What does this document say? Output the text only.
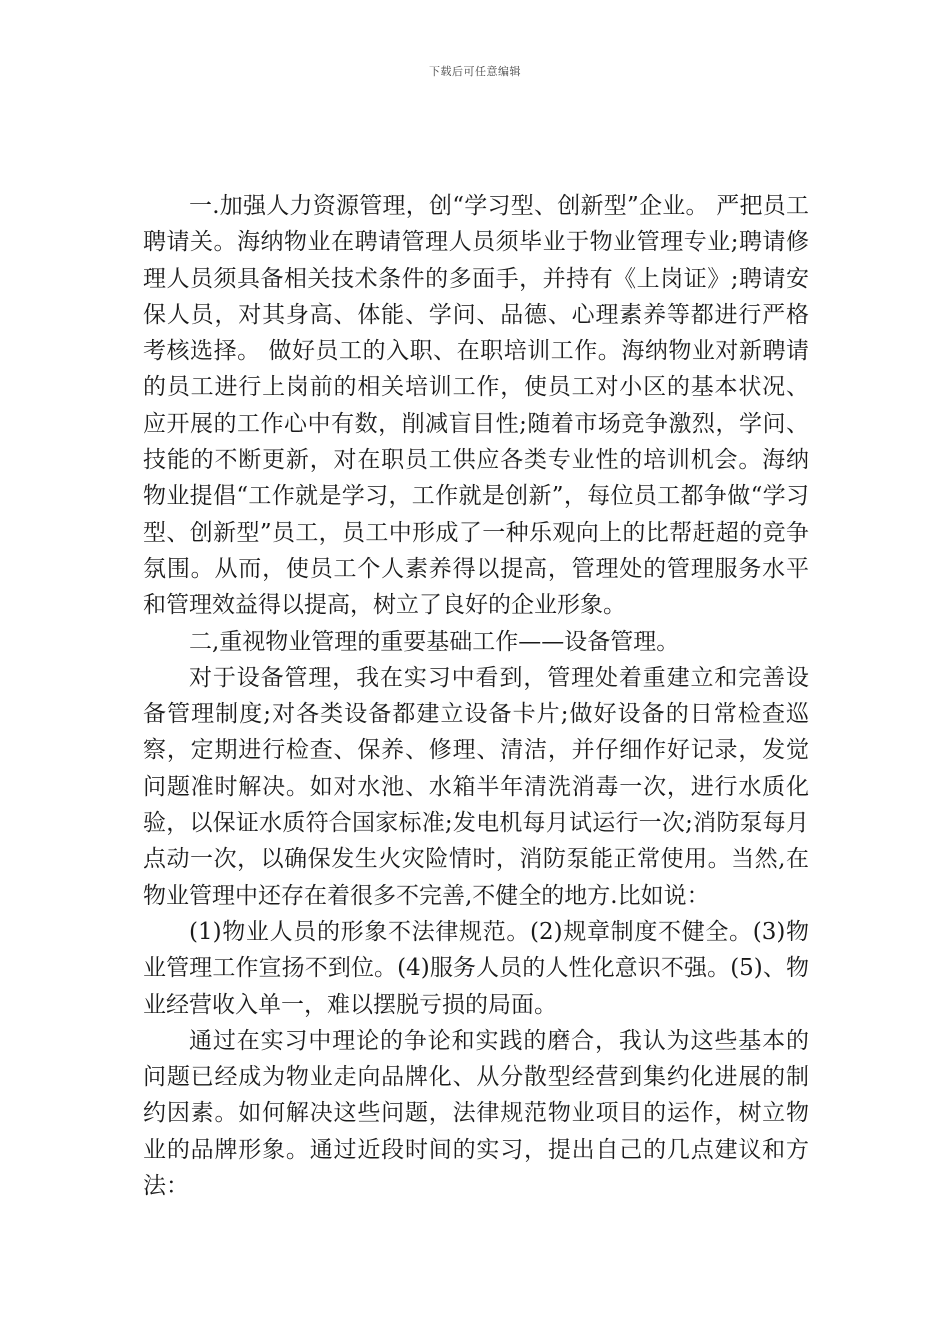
下载后可任意编辑

一.加强人力资源管理，创“学习型、创新型”企业。 严把员工聘请关。海纳物业在聘请管理人员须毕业于物业管理专业;聘请修理人员须具备相关技术条件的多面手，并持有《上岗证》;聘请安保人员，对其身高、体能、学问、品德、心理素养等都进行严格考核选择。 做好员工的入职、在职培训工作。海纳物业对新聘请的员工进行上岗前的相关培训工作，使员工对小区的基本状况、应开展的工作心中有数，削减盲目性;随着市场竞争激烈，学问、技能的不断更新，对在职员工供应各类专业性的培训机会。海纳物业提倡“工作就是学习，工作就是创新”，每位员工都争做“学习型、创新型”员工，员工中形成了一种乐观向上的比帮赶超的竞争氛围。从而，使员工个人素养得以提高，管理处的管理服务水平和管理效益得以提高，树立了良好的企业形象。

二,重视物业管理的重要基础工作——设备管理。

对于设备管理，我在实习中看到，管理处着重建立和完善设备管理制度;对各类设备都建立设备卡片;做好设备的日常检查巡察，定期进行检查、保养、修理、清洁，并仔细作好记录，发觉问题准时解决。如对水池、水箱半年清洗消毒一次，进行水质化验，以保证水质符合国家标准;发电机每月试运行一次;消防泵每月点动一次，以确保发生火灾险情时，消防泵能正常使用。当然,在物业管理中还存在着很多不完善,不健全的地方.比如说：

(1)物业人员的形象不法律规范。(2)规章制度不健全。(3)物业管理工作宣扬不到位。(4)服务人员的人性化意识不强。(5)、物业经营收入单一，难以摆脱亏损的局面。

通过在实习中理论的争论和实践的磨合，我认为这些基本的问题已经成为物业走向品牌化、从分散型经营到集约化进展的制约因素。如何解决这些问题，法律规范物业项目的运作，树立物业的品牌形象。通过近段时间的实习，提出自己的几点建议和方法：
